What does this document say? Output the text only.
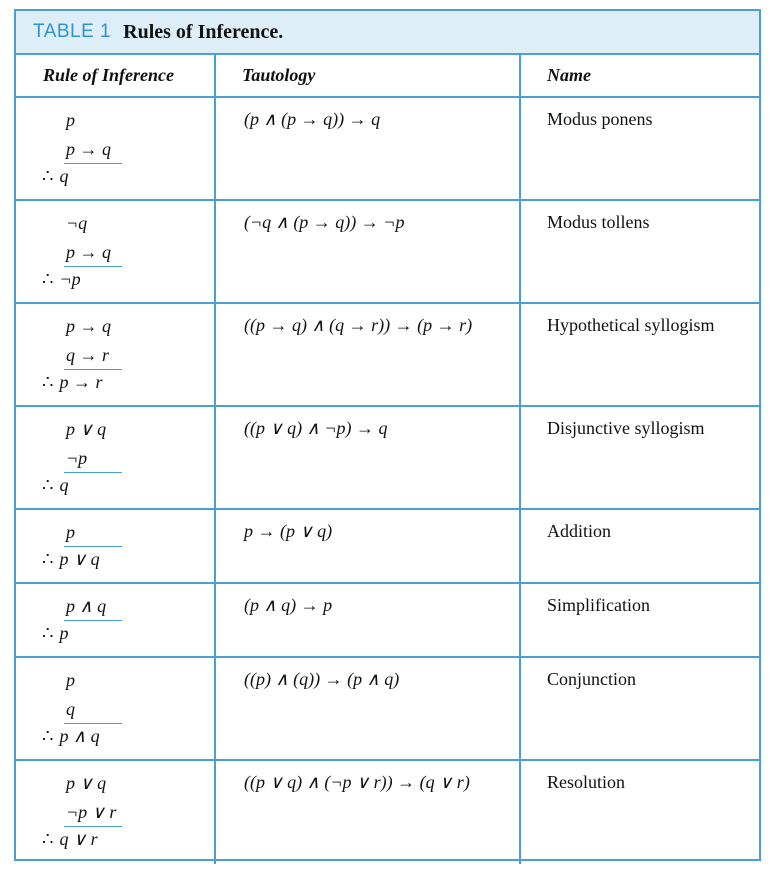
TABLE 1 Rules of Inference.
Rule of Inference	Tautology	Name
p
p → q
∴ q
(p ∧ (p → q)) → q	Modus ponens
¬q
p → q
∴ ¬p
(¬q ∧ (p → q)) → ¬p	Modus tollens
p → q
q → r
∴ p → r
((p → q) ∧ (q → r)) → (p → r)	Hypothetical syllogism
p ∨ q
¬p
∴ q
((p ∨ q) ∧ ¬p) → q	Disjunctive syllogism
p
∴ p ∨ q
p → (p ∨ q)	Addition
p ∧ q
∴ p
(p ∧ q) → p	Simplification
p
q
∴ p ∧ q
((p) ∧ (q)) → (p ∧ q)	Conjunction
p ∨ q
¬p ∨ r
∴ q ∨ r
((p ∨ q) ∧ (¬p ∨ r)) → (q ∨ r)	Resolution
